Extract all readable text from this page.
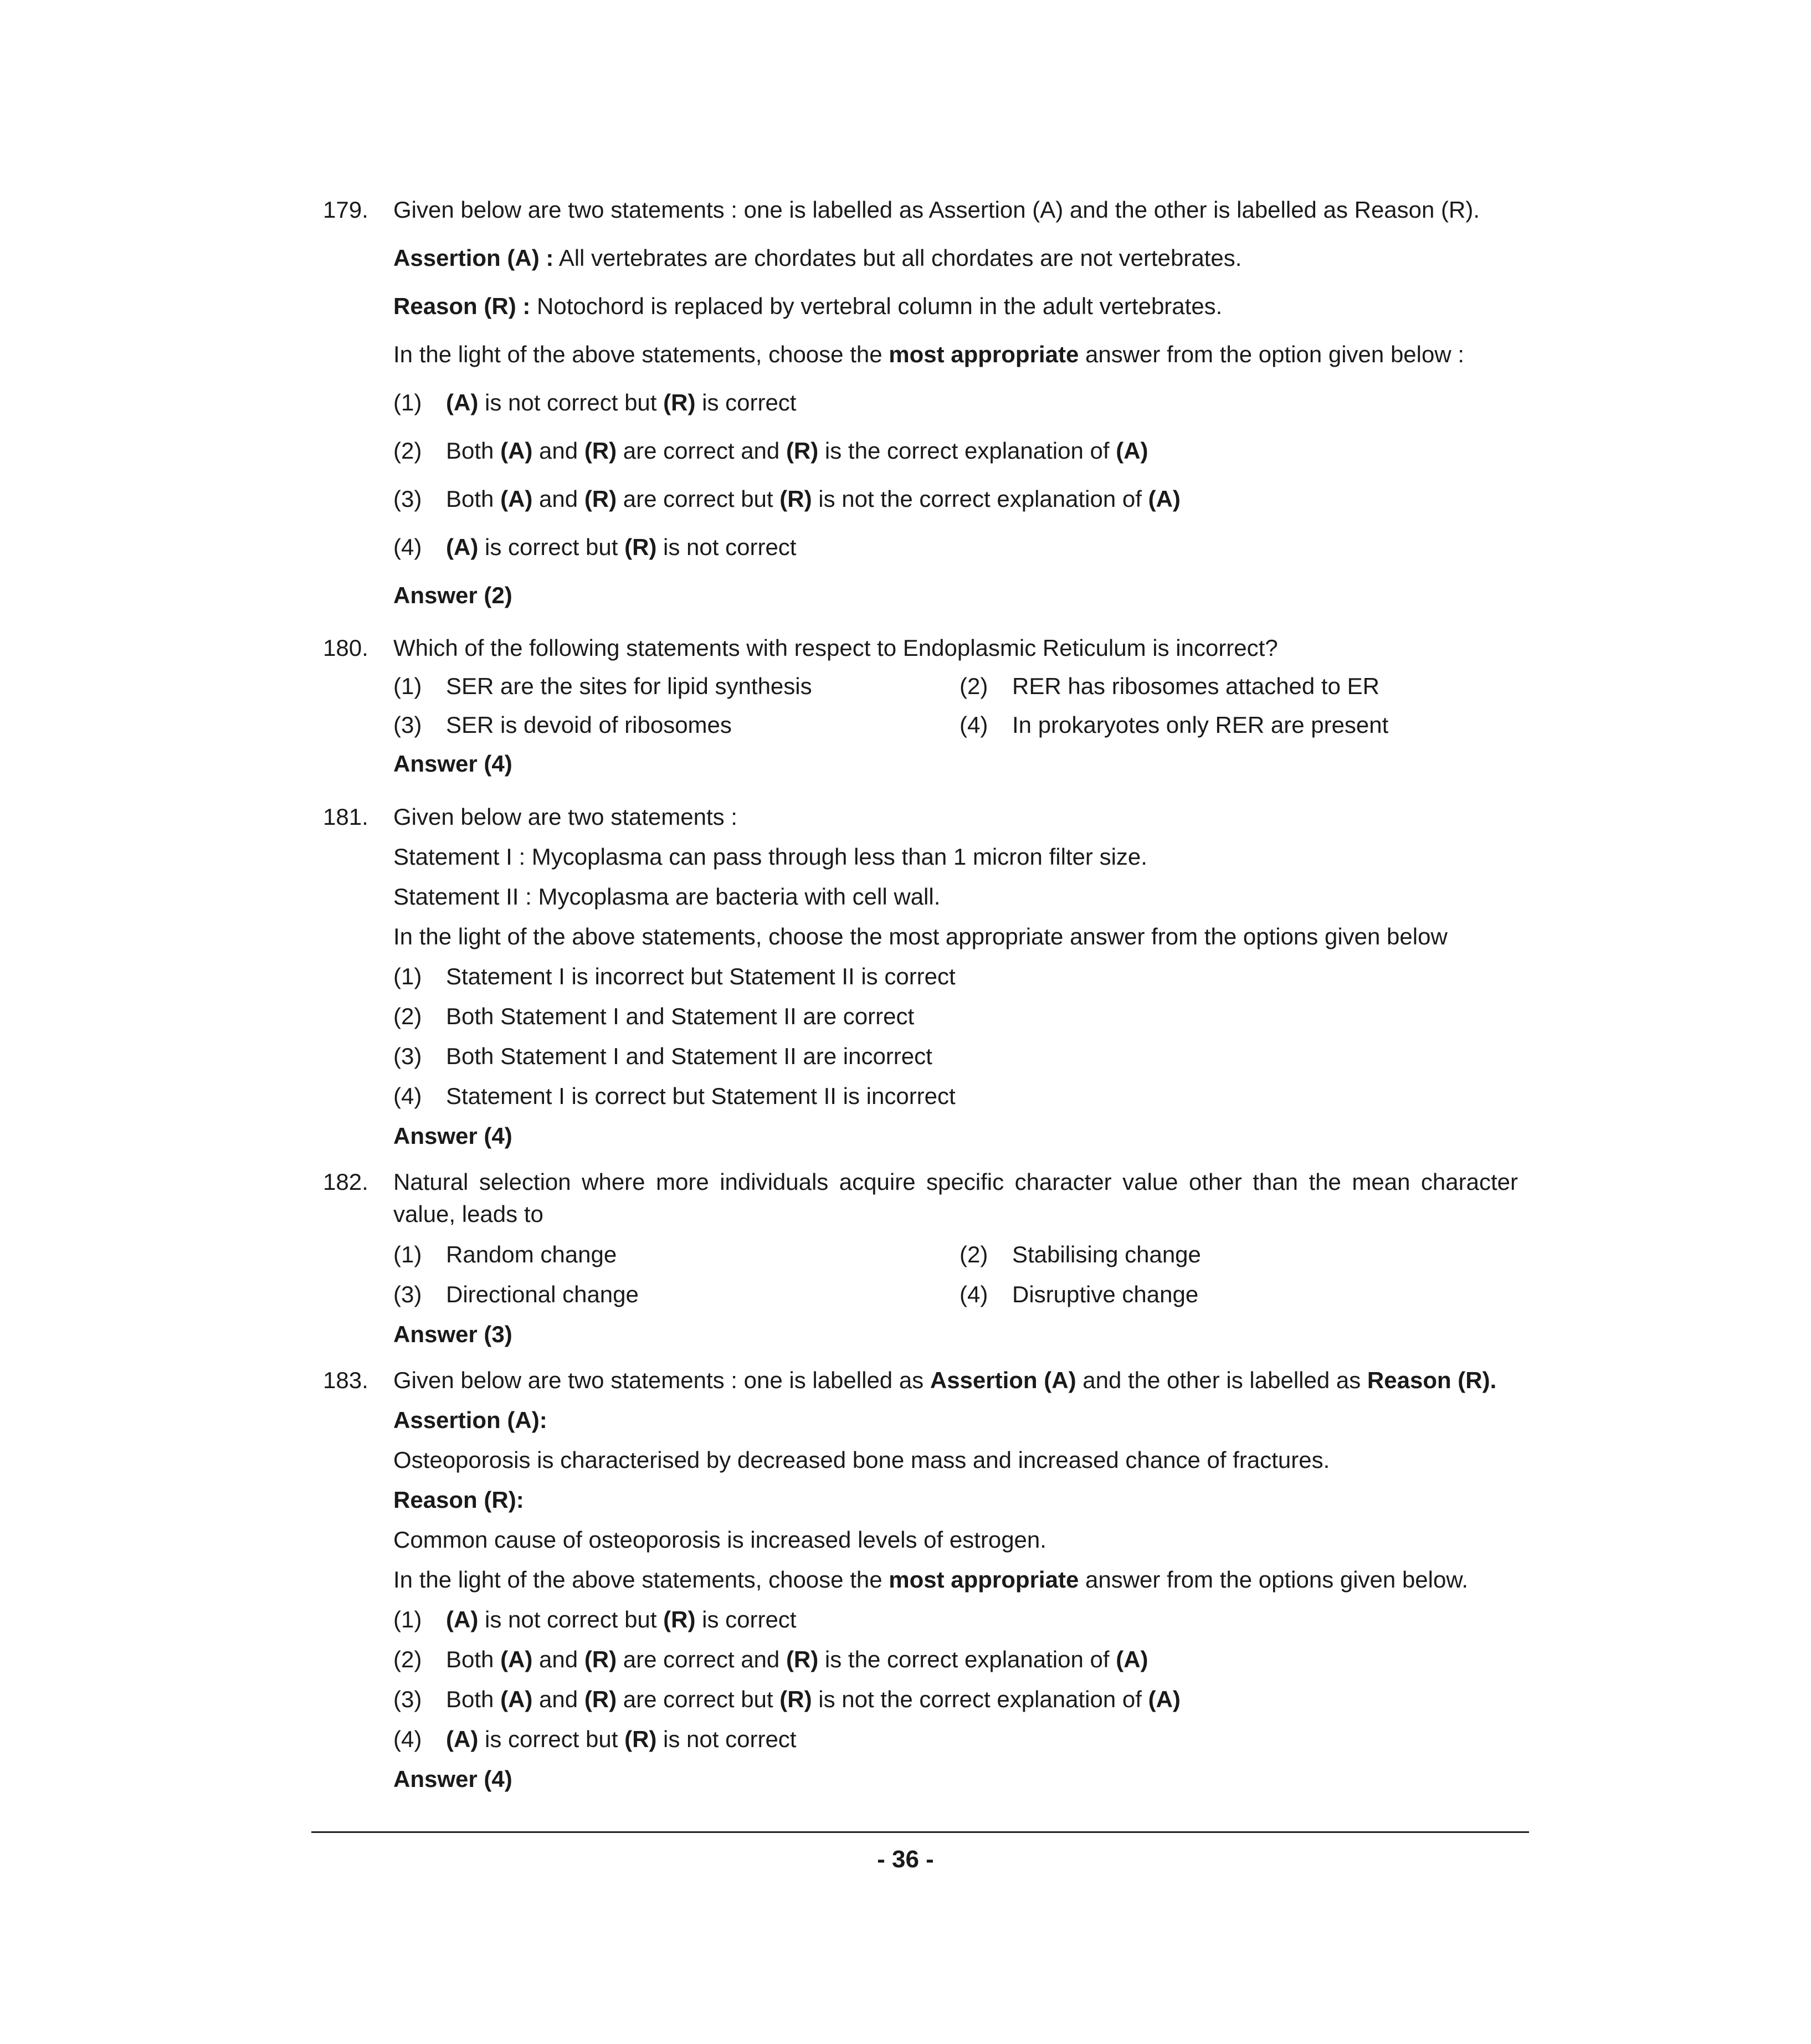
179. Given below are two statements : one is labelled as Assertion (A) and the other is labelled as Reason (R).
Assertion (A) : All vertebrates are chordates but all chordates are not vertebrates.
Reason (R) : Notochord is replaced by vertebral column in the adult vertebrates.
In the light of the above statements, choose the most appropriate answer from the option given below :
(1) (A) is not correct but (R) is correct
(2) Both (A) and (R) are correct and (R) is the correct explanation of (A)
(3) Both (A) and (R) are correct but (R) is not the correct explanation of (A)
(4) (A) is correct but (R) is not correct
Answer (2)
180. Which of the following statements with respect to Endoplasmic Reticulum is incorrect?
(1) SER are the sites for lipid synthesis	(2) RER has ribosomes attached to ER
(3) SER is devoid of ribosomes	(4) In prokaryotes only RER are present
Answer (4)
181. Given below are two statements :
Statement I : Mycoplasma can pass through less than 1 micron filter size.
Statement II : Mycoplasma are bacteria with cell wall.
In the light of the above statements, choose the most appropriate answer from the options given below
(1) Statement I is incorrect but Statement II is correct
(2) Both Statement I and Statement II are correct
(3) Both Statement I and Statement II are incorrect
(4) Statement I is correct but Statement II is incorrect
Answer (4)
182. Natural selection where more individuals acquire specific character value other than the mean character value, leads to
(1) Random change	(2) Stabilising change
(3) Directional change	(4) Disruptive change
Answer (3)
183. Given below are two statements : one is labelled as Assertion (A) and the other is labelled as Reason (R).
Assertion (A):
Osteoporosis is characterised by decreased bone mass and increased chance of fractures.
Reason (R):
Common cause of osteoporosis is increased levels of estrogen.
In the light of the above statements, choose the most appropriate answer from the options given below.
(1) (A) is not correct but (R) is correct
(2) Both (A) and (R) are correct and (R) is the correct explanation of (A)
(3) Both (A) and (R) are correct but (R) is not the correct explanation of (A)
(4) (A) is correct but (R) is not correct
Answer (4)
- 36 -
